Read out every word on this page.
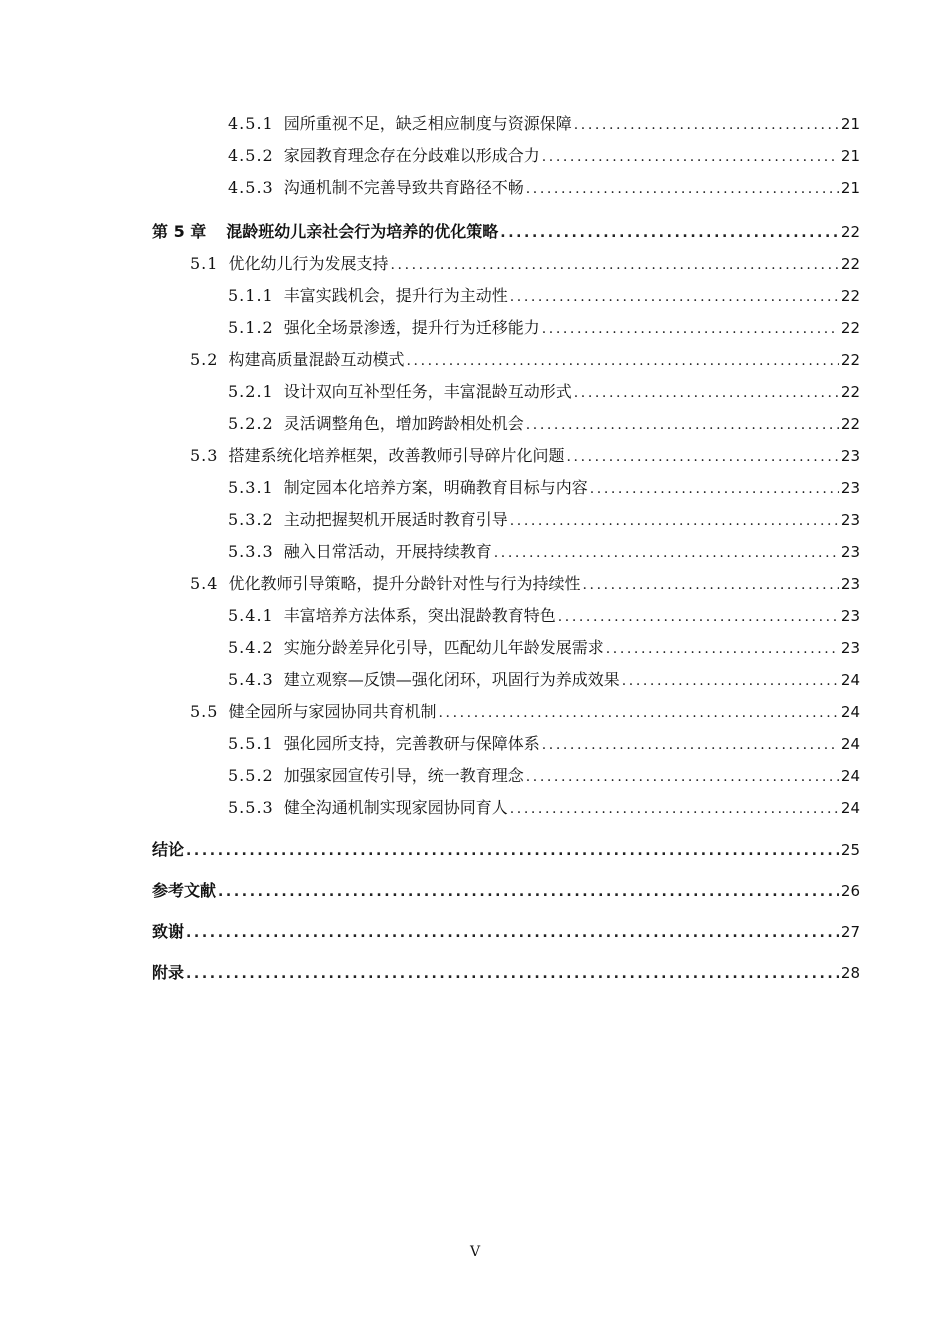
4.5.1 园所重视不足，缺乏相应制度与资源保障 .....	21
4.5.2 家园教育理念存在分歧难以形成合力 .....	21
4.5.3 沟通机制不完善导致共育路径不畅 .....	21
第 5 章 混龄班幼儿亲社会行为培养的优化策略 .....	22
5.1 优化幼儿行为发展支持 .....	22
5.1.1 丰富实践机会，提升行为主动性 .....	22
5.1.2 强化全场景渗透，提升行为迁移能力 .....	22
5.2 构建高质量混龄互动模式 .....	22
5.2.1 设计双向互补型任务，丰富混龄互动形式 .....	22
5.2.2 灵活调整角色，增加跨龄相处机会 .....	22
5.3 搭建系统化培养框架，改善教师引导碎片化问题 .....	23
5.3.1 制定园本化培养方案，明确教育目标与内容 .....	23
5.3.2 主动把握契机开展适时教育引导 .....	23
5.3.3 融入日常活动，开展持续教育 .....	23
5.4 优化教师引导策略，提升分龄针对性与行为持续性 .....	23
5.4.1 丰富培养方法体系，突出混龄教育特色 .....	23
5.4.2 实施分龄差异化引导，匹配幼儿年龄发展需求 .....	23
5.4.3 建立观察—反馈—强化闭环，巩固行为养成效果 .....	24
5.5 健全园所与家园协同共育机制 .....	24
5.5.1 强化园所支持，完善教研与保障体系 .....	24
5.5.2 加强家园宣传引导，统一教育理念 .....	24
5.5.3 健全沟通机制实现家园协同育人 .....	24
结论 .....	25
参考文献 .....	26
致谢 .....	27
附录 .....	28
V
